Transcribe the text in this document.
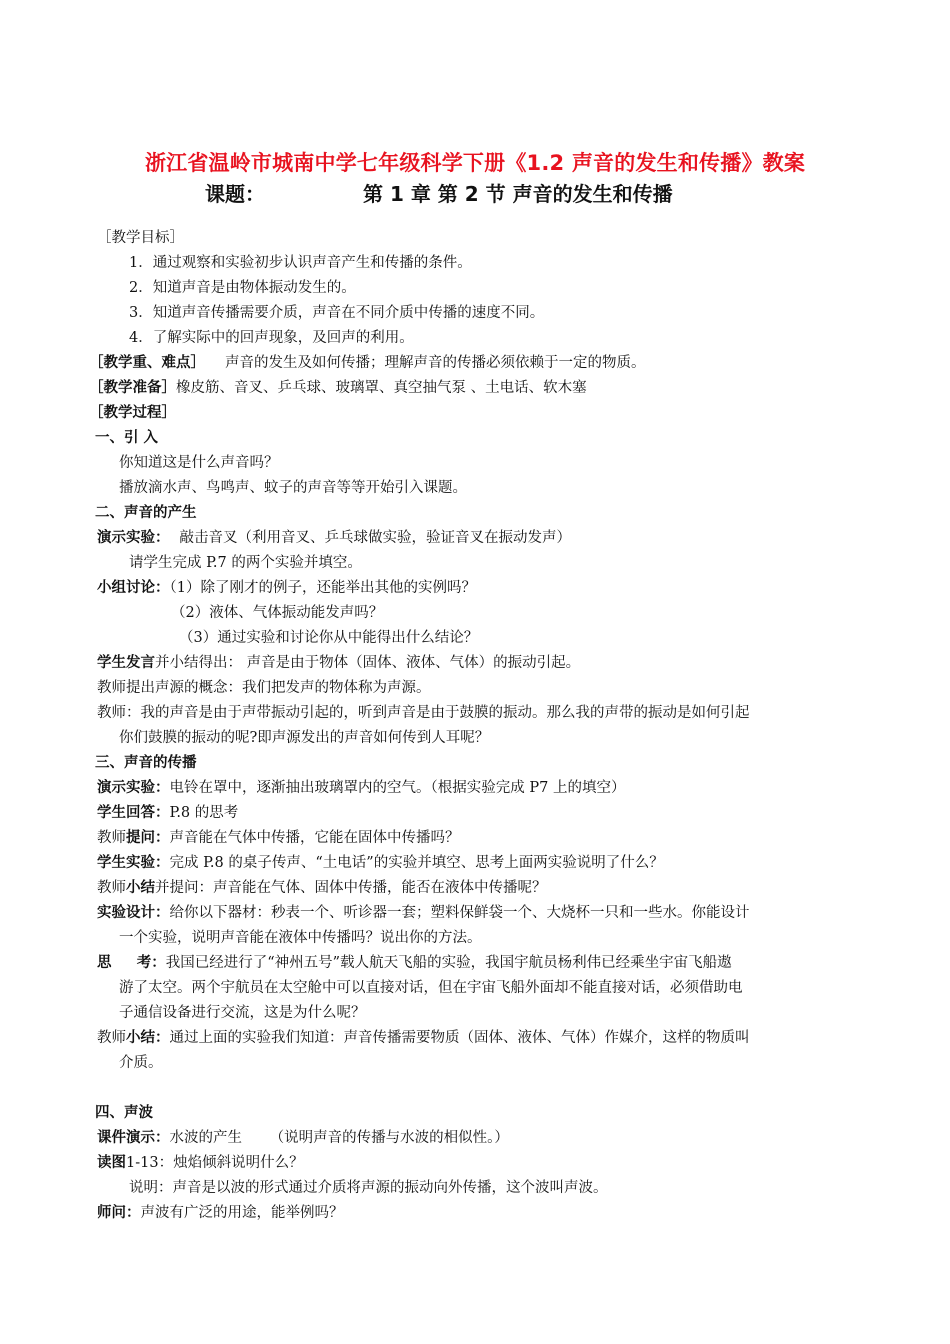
浙江省温岭市城南中学七年级科学下册《1.2 声音的发生和传播》教案
课题：	第 1 章 第 2 节 声音的发生和传播
［教学目标］
1．通过观察和实验初步认识声音产生和传播的条件。
2．知道声音是由物体振动发生的。
3．知道声音传播需要介质，声音在不同介质中传播的速度不同。
4．了解实际中的回声现象，及回声的利用。
［教学重、难点］ 声音的发生及如何传播；理解声音的传播必须依赖于一定的物质。
［教学准备］橡皮筋、音叉、乒乓球、玻璃罩、真空抽气泵 、土电话、软木塞
［教学过程］
一、引 入
你知道这是什么声音吗？
播放滴水声、鸟鸣声、蚊子的声音等等开始引入课题。
二、声音的产生
演示实验： 敲击音叉（利用音叉、乒乓球做实验，验证音叉在振动发声）
请学生完成 P.7 的两个实验并填空。
小组讨论：（1）除了刚才的例子，还能举出其他的实例吗？
（2）液体、气体振动能发声吗？
（3）通过实验和讨论你从中能得出什么结论？
学生发言并小结得出： 声音是由于物体（固体、液体、气体）的振动引起。
教师提出声源的概念：我们把发声的物体称为声源。
教师：我的声音是由于声带振动引起的，听到声音是由于鼓膜的振动。那么我的声带的振动是如何引起
你们鼓膜的振动的呢?即声源发出的声音如何传到人耳呢？
三、声音的传播
演示实验：电铃在罩中，逐渐抽出玻璃罩内的空气。（根据实验完成 P7 上的填空）
学生回答：P.8 的思考
教师提问：声音能在气体中传播，它能在固体中传播吗？
学生实验：完成 P.8 的桌子传声、“土电话”的实验并填空、思考上面两实验说明了什么？
教师小结并提问：声音能在气体、固体中传播，能否在液体中传播呢？
实验设计：给你以下器材：秒表一个、听诊器一套；塑料保鲜袋一个、大烧杯一只和一些水。你能设计
一个实验，说明声音能在液体中传播吗？说出你的方法。
思     考：我国已经进行了“神州五号”载人航天飞船的实验，我国宇航员杨利伟已经乘坐宇宙飞船遨
游了太空。两个宇航员在太空舱中可以直接对话，但在宇宙飞船外面却不能直接对话，必须借助电
子通信设备进行交流，这是为什么呢？
教师小结：通过上面的实验我们知道：声音传播需要物质（固体、液体、气体）作媒介，这样的物质叫
介质。
四、声波
课件演示：水波的产生      （说明声音的传播与水波的相似性。）
读图1-13：烛焰倾斜说明什么？
说明：声音是以波的形式通过介质将声源的振动向外传播，这个波叫声波。
师问：声波有广泛的用途，能举例吗？
